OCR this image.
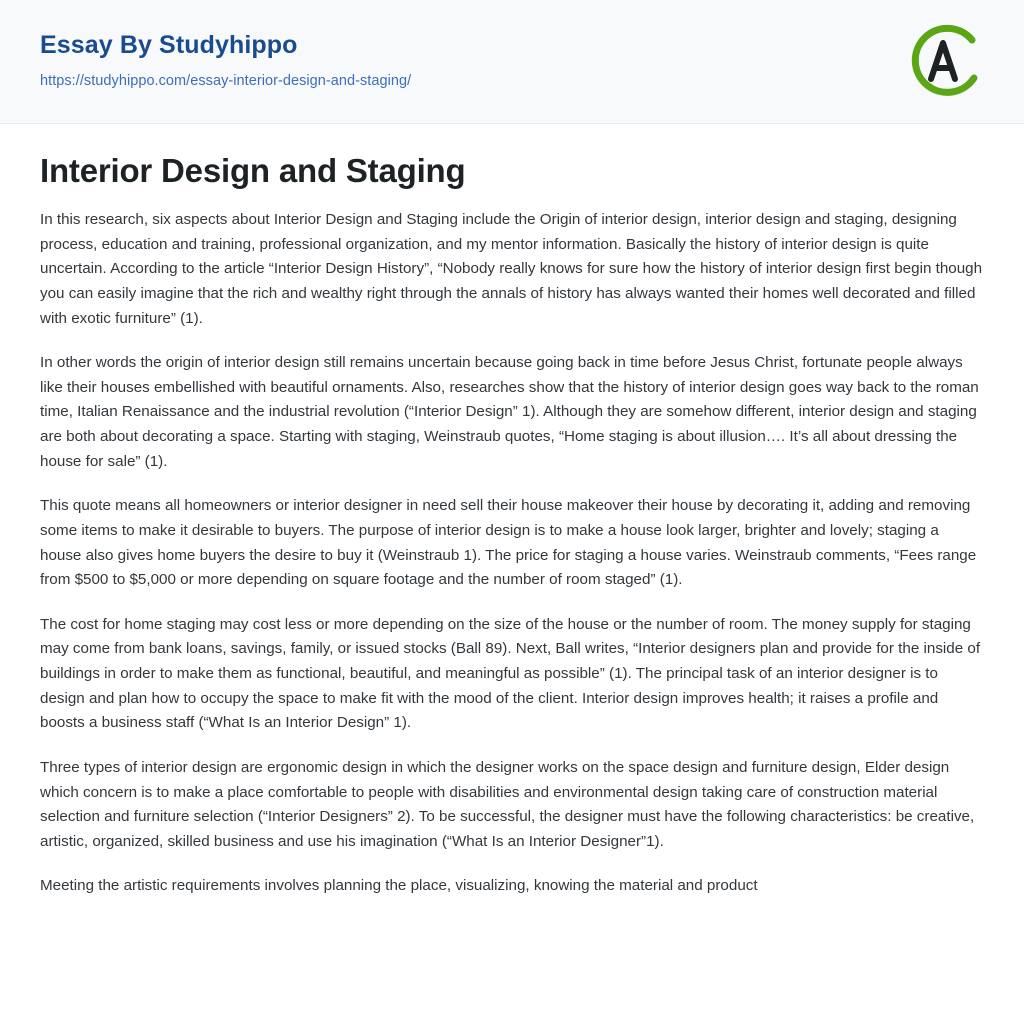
Essay By Studyhippo
https://studyhippo.com/essay-interior-design-and-staging/
Interior Design and Staging

In this research, six aspects about Interior Design and Staging include the Origin of interior design, interior design and staging, designing process, education and training, professional organization, and my mentor information. Basically the history of interior design is quite uncertain. According to the article “Interior Design History”, “Nobody really knows for sure how the history of interior design first begin though you can easily imagine that the rich and wealthy right through the annals of history has always wanted their homes well decorated and filled with exotic furniture” (1).

In other words the origin of interior design still remains uncertain because going back in time before Jesus Christ, fortunate people always like their houses embellished with beautiful ornaments. Also, researches show that the history of interior design goes way back to the roman time, Italian Renaissance and the industrial revolution (“Interior Design” 1). Although they are somehow different, interior design and staging are both about decorating a space. Starting with staging, Weinstraub quotes, “Home staging is about illusion…. It’s all about dressing the house for sale” (1).

This quote means all homeowners or interior designer in need sell their house makeover their house by decorating it, adding and removing some items to make it desirable to buyers. The purpose of interior design is to make a house look larger, brighter and lovely; staging a house also gives home buyers the desire to buy it (Weinstraub 1). The price for staging a house varies. Weinstraub comments, “Fees range from $500 to $5,000 or more depending on square footage and the number of room staged” (1).

The cost for home staging may cost less or more depending on the size of the house or the number of room. The money supply for staging may come from bank loans, savings, family, or issued stocks (Ball 89). Next, Ball writes, “Interior designers plan and provide for the inside of buildings in order to make them as functional, beautiful, and meaningful as possible” (1). The principal task of an interior designer is to design and plan how to occupy the space to make fit with the mood of the client. Interior design improves health; it raises a profile and boosts a business staff (“What Is an Interior Design” 1).

Three types of interior design are ergonomic design in which the designer works on the space design and furniture design, Elder design which concern is to make a place comfortable to people with disabilities and environmental design taking care of construction material selection and furniture selection (“Interior Designers” 2). To be successful, the designer must have the following characteristics: be creative, artistic, organized, skilled business and use his imagination (“What Is an Interior Designer”1).

Meeting the artistic requirements involves planning the place, visualizing, knowing the material and product
